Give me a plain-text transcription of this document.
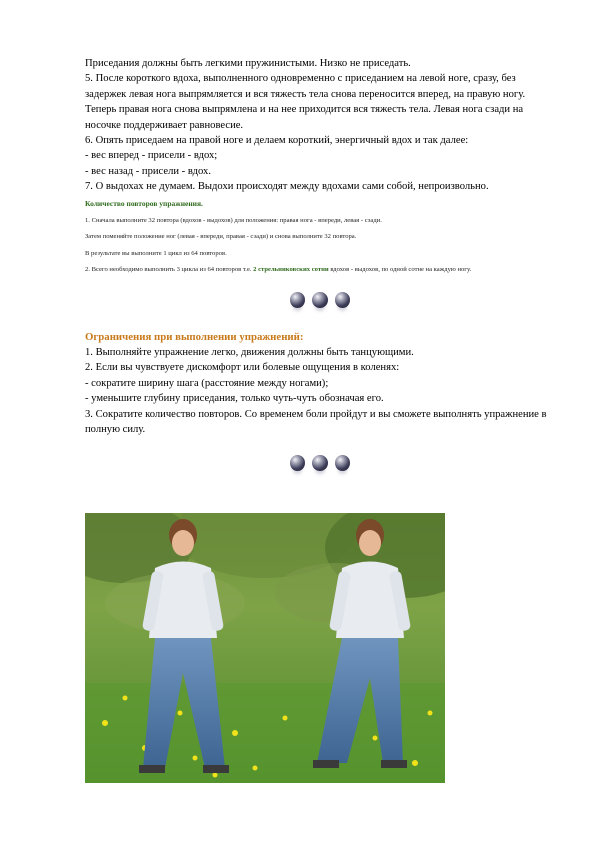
Приседания должны быть легкими пружинистыми. Низко не приседать.

5. После короткого вдоха, выполненного одновременно с приседанием на левой ноге, сразу, без задержек левая нога выпрямляется и вся тяжесть тела снова переносится вперед, на правую ногу.

Теперь правая нога снова выпрямлена и на нее приходится вся тяжесть тела. Левая нога сзади на носочке поддерживает равновесие.

6. Опять приседаем на правой ноге и делаем короткий, энергичный вдох и так далее:

- вес вперед - присели - вдох;

- вес назад - присели - вдох.

7. О выдохах не думаем. Выдохи происходят между вдохами сами собой, непроизвольно.

Количество повторов упражнения.

1. Сначала выполните 32 повтора (вдохов - выдохов) для положения: правая нога - впереди, левая - сзади.

Затем поменяйте положение ног (левая - впереди, правая - сзади) и снова выполните 32 повтора.

В результате вы выполните 1 цикл из 64 повторов.

2. Всего необходимо выполнить 3 цикла из 64 повторов т.е. 2 стрельниковских сотни вдохов - выдохов, по одной сотне на каждую ногу.

Ограничения при выполнении упражнений:

1. Выполняйте упражнение легко, движения должны быть танцующими.

2. Если вы чувствуете дискомфорт или болевые ощущения в коленях:

- сократите ширину шага (расстояние между ногами);

- уменьшите глубину приседания, только чуть-чуть обозначая его.

3. Сократите количество повторов. Со временем боли пройдут и вы сможете выполнять упражнение в полную силу.
